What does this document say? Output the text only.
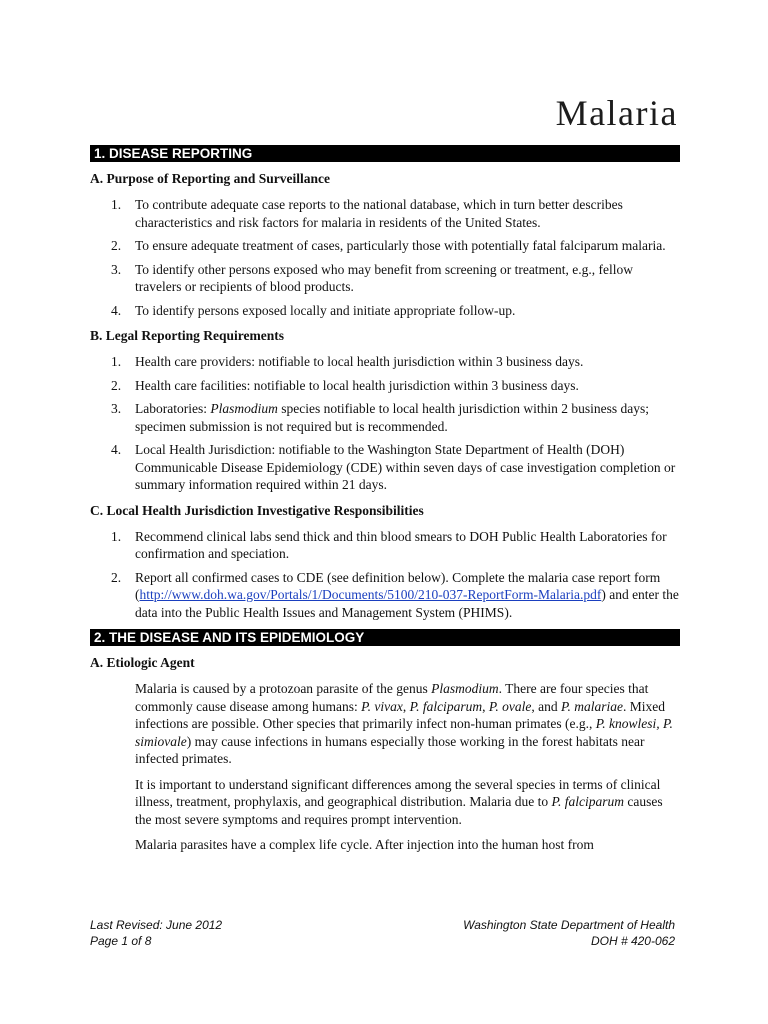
Malaria
1. DISEASE REPORTING
A. Purpose of Reporting and Surveillance
1. To contribute adequate case reports to the national database, which in turn better describes characteristics and risk factors for malaria in residents of the United States.
2. To ensure adequate treatment of cases, particularly those with potentially fatal falciparum malaria.
3. To identify other persons exposed who may benefit from screening or treatment, e.g., fellow travelers or recipients of blood products.
4. To identify persons exposed locally and initiate appropriate follow-up.
B. Legal Reporting Requirements
1. Health care providers: notifiable to local health jurisdiction within 3 business days.
2. Health care facilities: notifiable to local health jurisdiction within 3 business days.
3. Laboratories: Plasmodium species notifiable to local health jurisdiction within 2 business days; specimen submission is not required but is recommended.
4. Local Health Jurisdiction: notifiable to the Washington State Department of Health (DOH) Communicable Disease Epidemiology (CDE) within seven days of case investigation completion or summary information required within 21 days.
C. Local Health Jurisdiction Investigative Responsibilities
1. Recommend clinical labs send thick and thin blood smears to DOH Public Health Laboratories for confirmation and speciation.
2. Report all confirmed cases to CDE (see definition below). Complete the malaria case report form (http://www.doh.wa.gov/Portals/1/Documents/5100/210-037-ReportForm-Malaria.pdf) and enter the data into the Public Health Issues and Management System (PHIMS).
2. THE DISEASE AND ITS EPIDEMIOLOGY
A. Etiologic Agent

Malaria is caused by a protozoan parasite of the genus Plasmodium. There are four species that commonly cause disease among humans: P. vivax, P. falciparum, P. ovale, and P. malariae. Mixed infections are possible. Other species that primarily infect non-human primates (e.g., P. knowlesi, P. simiovale) may cause infections in humans especially those working in the forest habitats near infected primates.

It is important to understand significant differences among the several species in terms of clinical illness, treatment, prophylaxis, and geographical distribution. Malaria due to P. falciparum causes the most severe symptoms and requires prompt intervention.

Malaria parasites have a complex life cycle. After injection into the human host from

Last Revised: June 2012
Page 1 of 8
Washington State Department of Health
DOH # 420-062
